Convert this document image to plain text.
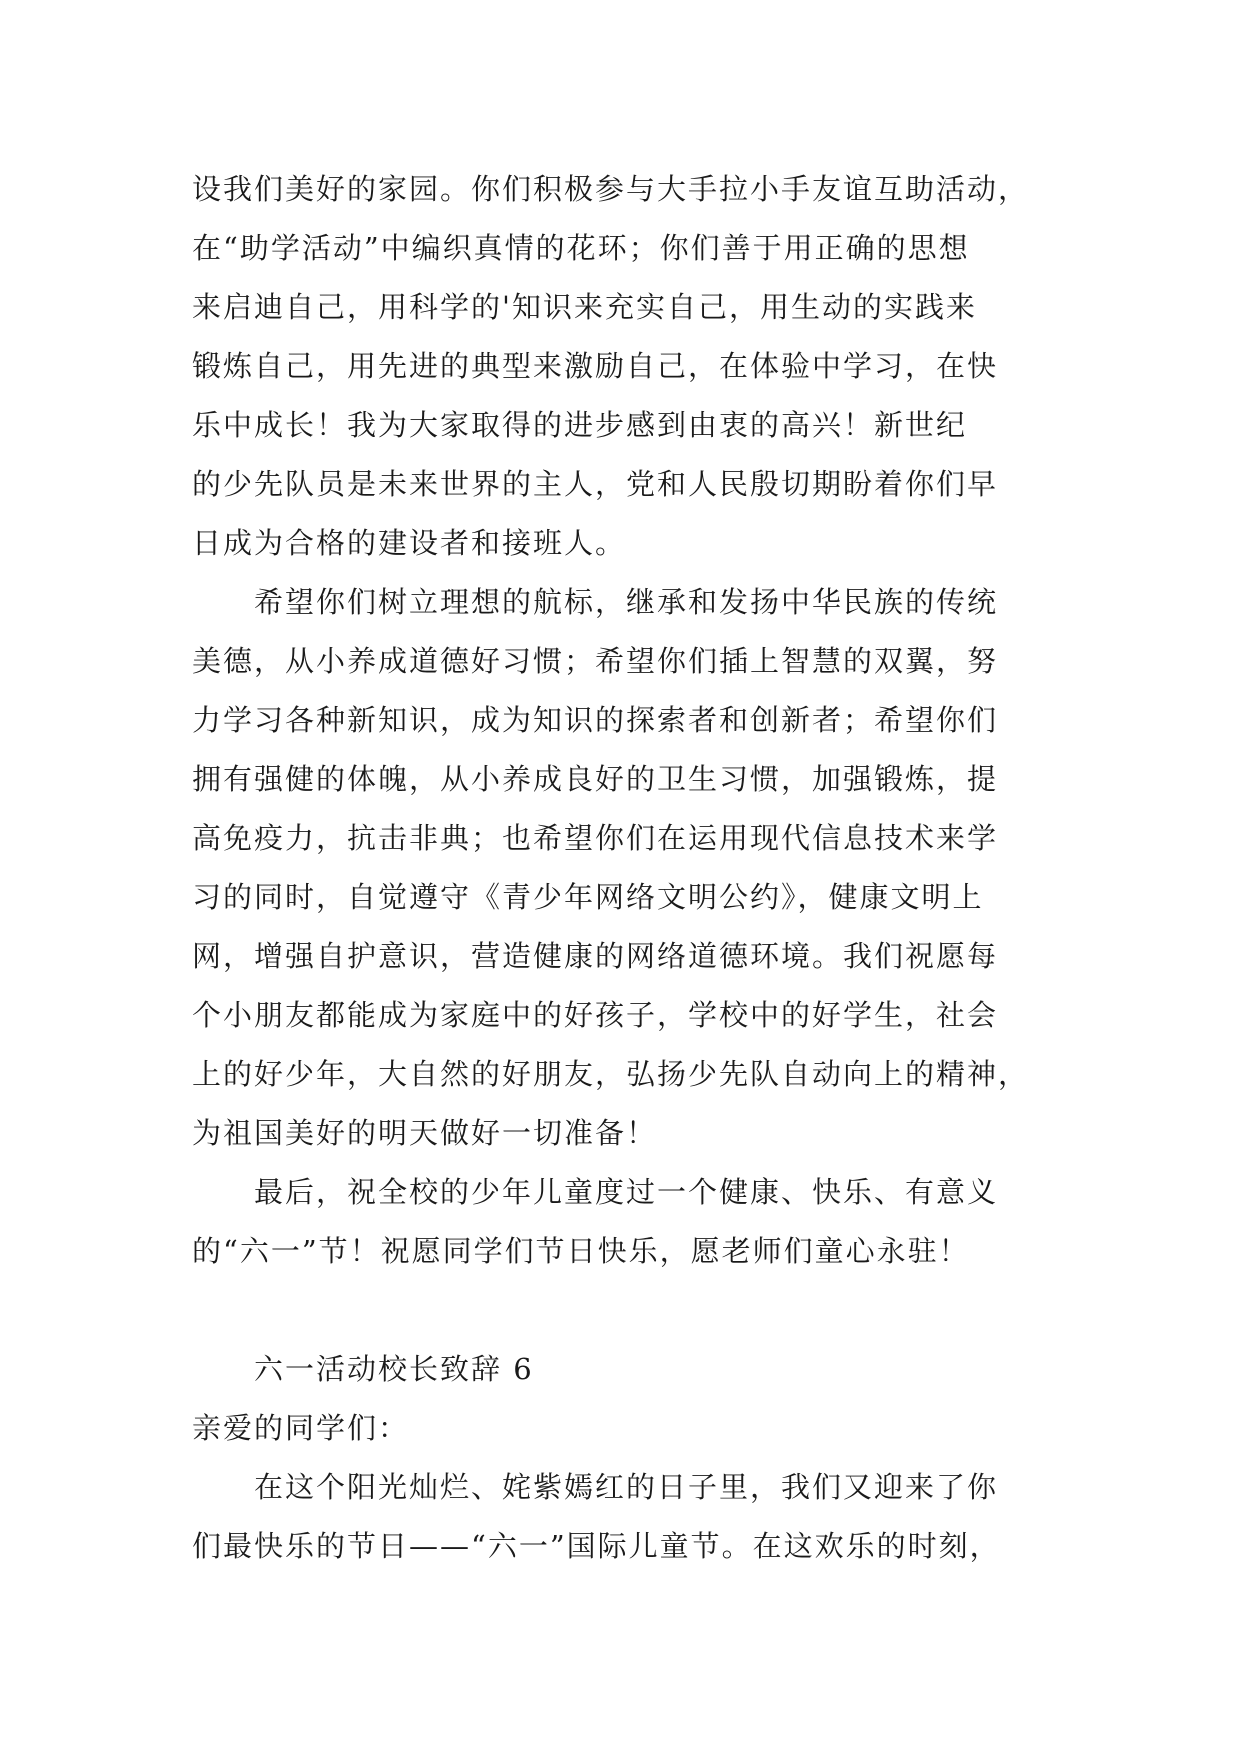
设我们美好的家园。你们积极参与大手拉小手友谊互助活动，
在“助学活动”中编织真情的花环；你们善于用正确的思想
来启迪自己，用科学的'知识来充实自己，用生动的实践来
锻炼自己，用先进的典型来激励自己，在体验中学习，在快
乐中成长！我为大家取得的进步感到由衷的高兴！新世纪
的少先队员是未来世界的主人，党和人民殷切期盼着你们早
日成为合格的建设者和接班人。

希望你们树立理想的航标，继承和发扬中华民族的传统
美德，从小养成道德好习惯；希望你们插上智慧的双翼，努
力学习各种新知识，成为知识的探索者和创新者；希望你们
拥有强健的体魄，从小养成良好的卫生习惯，加强锻炼，提
高免疫力，抗击非典；也希望你们在运用现代信息技术来学
习的同时，自觉遵守《青少年网络文明公约》，健康文明上
网，增强自护意识，营造健康的网络道德环境。我们祝愿每
个小朋友都能成为家庭中的好孩子，学校中的好学生，社会
上的好少年，大自然的好朋友，弘扬少先队自动向上的精神，
为祖国美好的明天做好一切准备！

最后，祝全校的少年儿童度过一个健康、快乐、有意义
的“六一”节！祝愿同学们节日快乐，愿老师们童心永驻！

六一活动校长致辞 6

亲爱的同学们：

在这个阳光灿烂、姹紫嫣红的日子里，我们又迎来了你
们最快乐的节日——“六一”国际儿童节。在这欢乐的时刻，
